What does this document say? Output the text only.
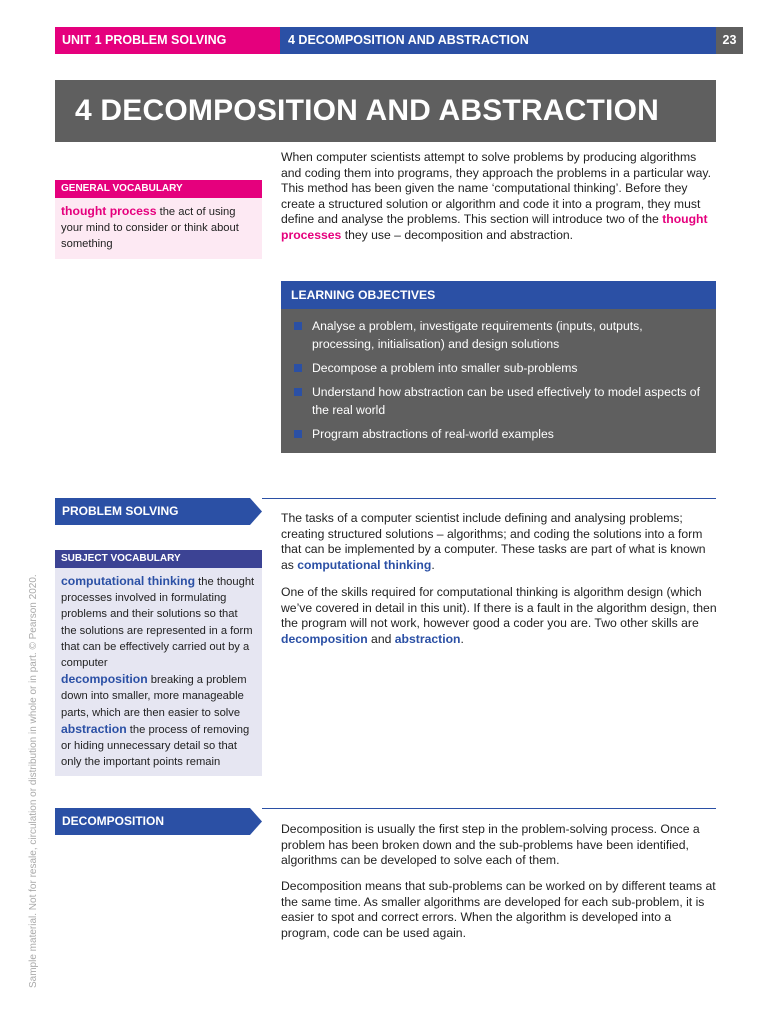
UNIT 1 PROBLEM SOLVING	4 DECOMPOSITION AND ABSTRACTION	23
4 DECOMPOSITION AND ABSTRACTION
Sample material. Not for resale, circulation or distribution in whole or in part. © Pearson 2020.

When computer scientists attempt to solve problems by producing algorithms and coding them into programs, they approach the problems in a particular way. This method has been given the name ‘computational thinking’. Before they create a structured solution or algorithm and code it into a program, they must define and analyse the problems. This section will introduce two of the thought processes they use – decomposition and abstraction.

GENERAL VOCABULARY
thought process the act of using your mind to consider or think about something
LEARNING OBJECTIVES
Analyse a problem, investigate requirements (inputs, outputs, processing, initialisation) and design solutions
Decompose a problem into smaller sub-problems
Understand how abstraction can be used effectively to model aspects of the real world
Program abstractions of real-world examples
PROBLEM SOLVING	The tasks of a computer scientist include defining and analysing problems; creating structured solutions – algorithms; and coding the solutions into a form that can be implemented by a computer. These tasks are part of what is known as computational thinking.

One of the skills required for computational thinking is algorithm design (which we’ve covered in detail in this unit). If there is a fault in the algorithm design, then the program will not work, however good a coder you are. Two other skills are decomposition and abstraction.

SUBJECT VOCABULARY
computational thinking the thought processes involved in formulating problems and their solutions so that the solutions are represented in a form that can be effectively carried out by a computer
decomposition breaking a problem down into smaller, more manageable parts, which are then easier to solve
abstraction the process of removing or hiding unnecessary detail so that only the important points remain
DECOMPOSITION

Decomposition is usually the first step in the problem-solving process. Once a problem has been broken down and the sub-problems have been identified, algorithms can be developed to solve each of them.

Decomposition means that sub-problems can be worked on by different teams at the same time. As smaller algorithms are developed for each sub-problem, it is easier to spot and correct errors. When the algorithm is developed into a program, code can be used again.
